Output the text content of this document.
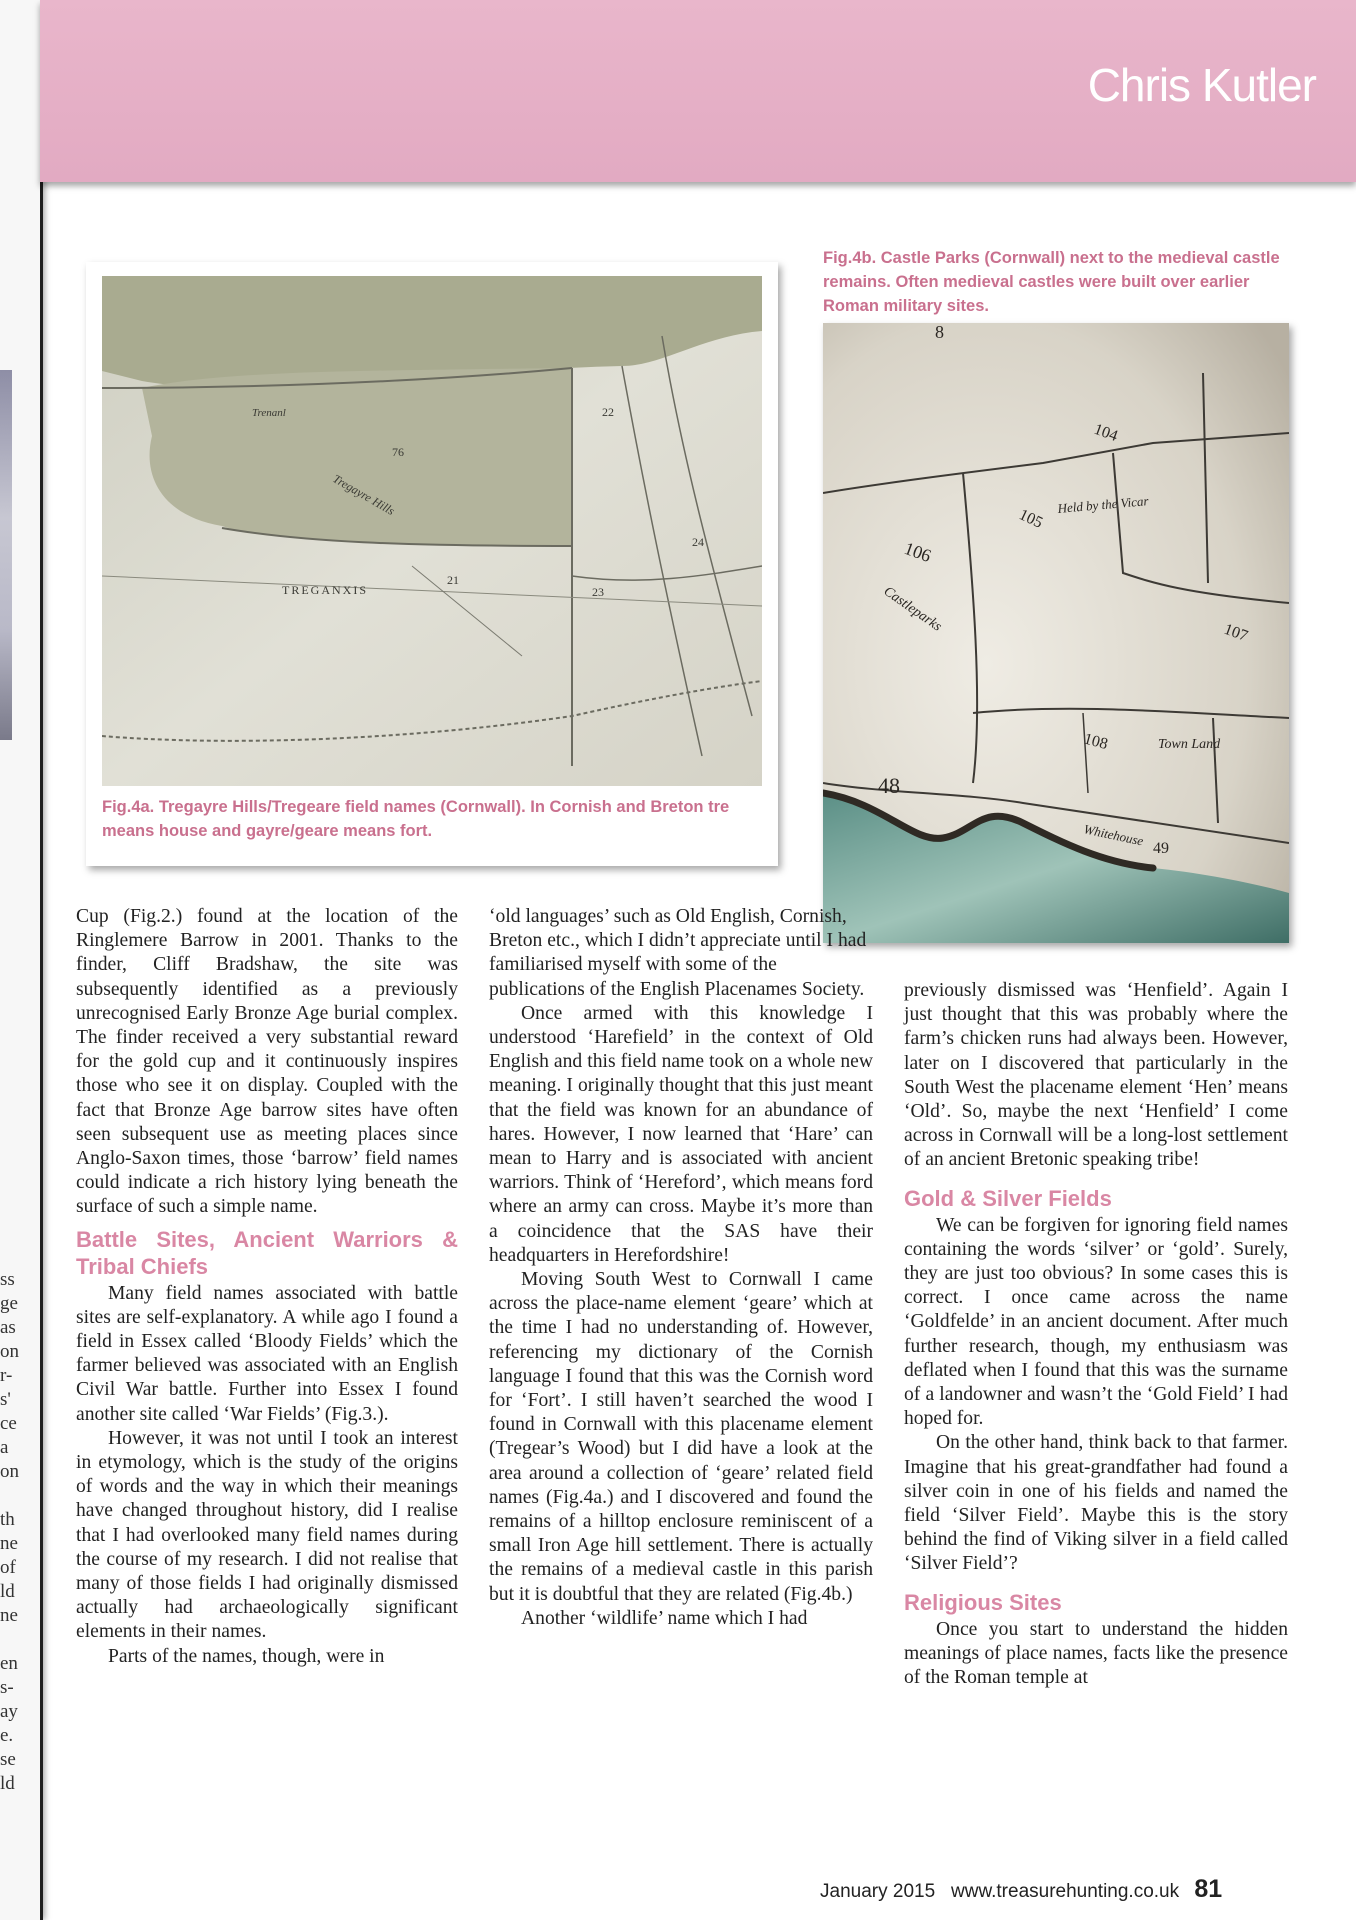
ss
ge
as
on
r-
s'
ce
a
on
th
ne
of
ld
ne
en
s-
ay
e.
se
ld
Chris Kutler
Trenanl
Tregayre Hills
TREGANXIS
21
22
23
24
76
Fig.4a. Tregayre Hills/Tregeare field names (Cornwall). In Cornish and Breton tre means house and gayre/geare means fort.
Fig.4b. Castle Parks (Cornwall) next to the medieval castle remains. Often medieval castles were built over earlier Roman military sites.
106
Castleparks
104
105
107
108	Town Land
48
49
Whitehouse
Held by the Vicar
8

Cup (Fig.2.) found at the location of the Ringlemere Barrow in 2001. Thanks to the finder, Cliff Bradshaw, the site was subsequently identified as a previously unrecognised Early Bronze Age burial complex. The finder received a very substantial reward for the gold cup and it continuously inspires those who see it on display. Coupled with the fact that Bronze Age barrow sites have often seen subsequent use as meeting places since Anglo-Saxon times, those ‘barrow’ field names could indicate a rich history lying beneath the surface of such a simple name.

Battle Sites, Ancient Warriors & Tribal Chiefs

Many field names associated with battle sites are self-explanatory. A while ago I found a field in Essex called ‘Bloody Fields’ which the farmer believed was associated with an English Civil War battle. Further into Essex I found another site called ‘War Fields’ (Fig.3.).

However, it was not until I took an interest in etymology, which is the study of the origins of words and the way in which their meanings have changed throughout history, did I realise that I had overlooked many field names during the course of my research. I did not realise that many of those fields I had originally dismissed actually had archaeologically significant elements in their names.

Parts of the names, though, were in

‘old languages’ such as Old English, Cornish, Breton etc., which I didn’t appreciate until I had familiarised myself with some of the publications of the English Placenames Society.

Once armed with this knowledge I understood ‘Harefield’ in the context of Old English and this field name took on a whole new meaning. I originally thought that this just meant that the field was known for an abundance of hares. However, I now learned that ‘Hare’ can mean to Harry and is associated with ancient warriors. Think of ‘Hereford’, which means ford where an army can cross. Maybe it’s more than a coincidence that the SAS have their headquarters in Herefordshire!

Moving South West to Cornwall I came across the place-name element ‘geare’ which at the time I had no understanding of. However, referencing my dictionary of the Cornish language I found that this was the Cornish word for ‘Fort’. I still haven’t searched the wood I found in Cornwall with this placename element (Tregear’s Wood) but I did have a look at the area around a collection of ‘geare’ related field names (Fig.4a.) and I discovered and found the remains of a hilltop enclosure reminiscent of a small Iron Age hill settlement. There is actually the remains of a medieval castle in this parish but it is doubtful that they are related (Fig.4b.)

Another ‘wildlife’ name which I had

previously dismissed was ‘Henfield’. Again I just thought that this was probably where the farm’s chicken runs had always been. However, later on I discovered that particularly in the South West the placename element ‘Hen’ means ‘Old’. So, maybe the next ‘Henfield’ I come across in Cornwall will be a long-lost settlement of an ancient Bretonic speaking tribe!

Gold & Silver Fields

We can be forgiven for ignoring field names containing the words ‘silver’ or ‘gold’. Surely, they are just too obvious? In some cases this is correct. I once came across the name ‘Goldfelde’ in an ancient document. After much further research, though, my enthusiasm was deflated when I found that this was the surname of a landowner and wasn’t the ‘Gold Field’ I had hoped for.

On the other hand, think back to that farmer. Imagine that his great-grandfather had found a silver coin in one of his fields and named the field ‘Silver Field’. Maybe this is the story behind the find of Viking silver in a field called ‘Silver Field’?

Religious Sites

Once you start to understand the hidden meanings of place names, facts like the presence of the Roman temple at

January 2015 www.treasurehunting.co.uk 81
